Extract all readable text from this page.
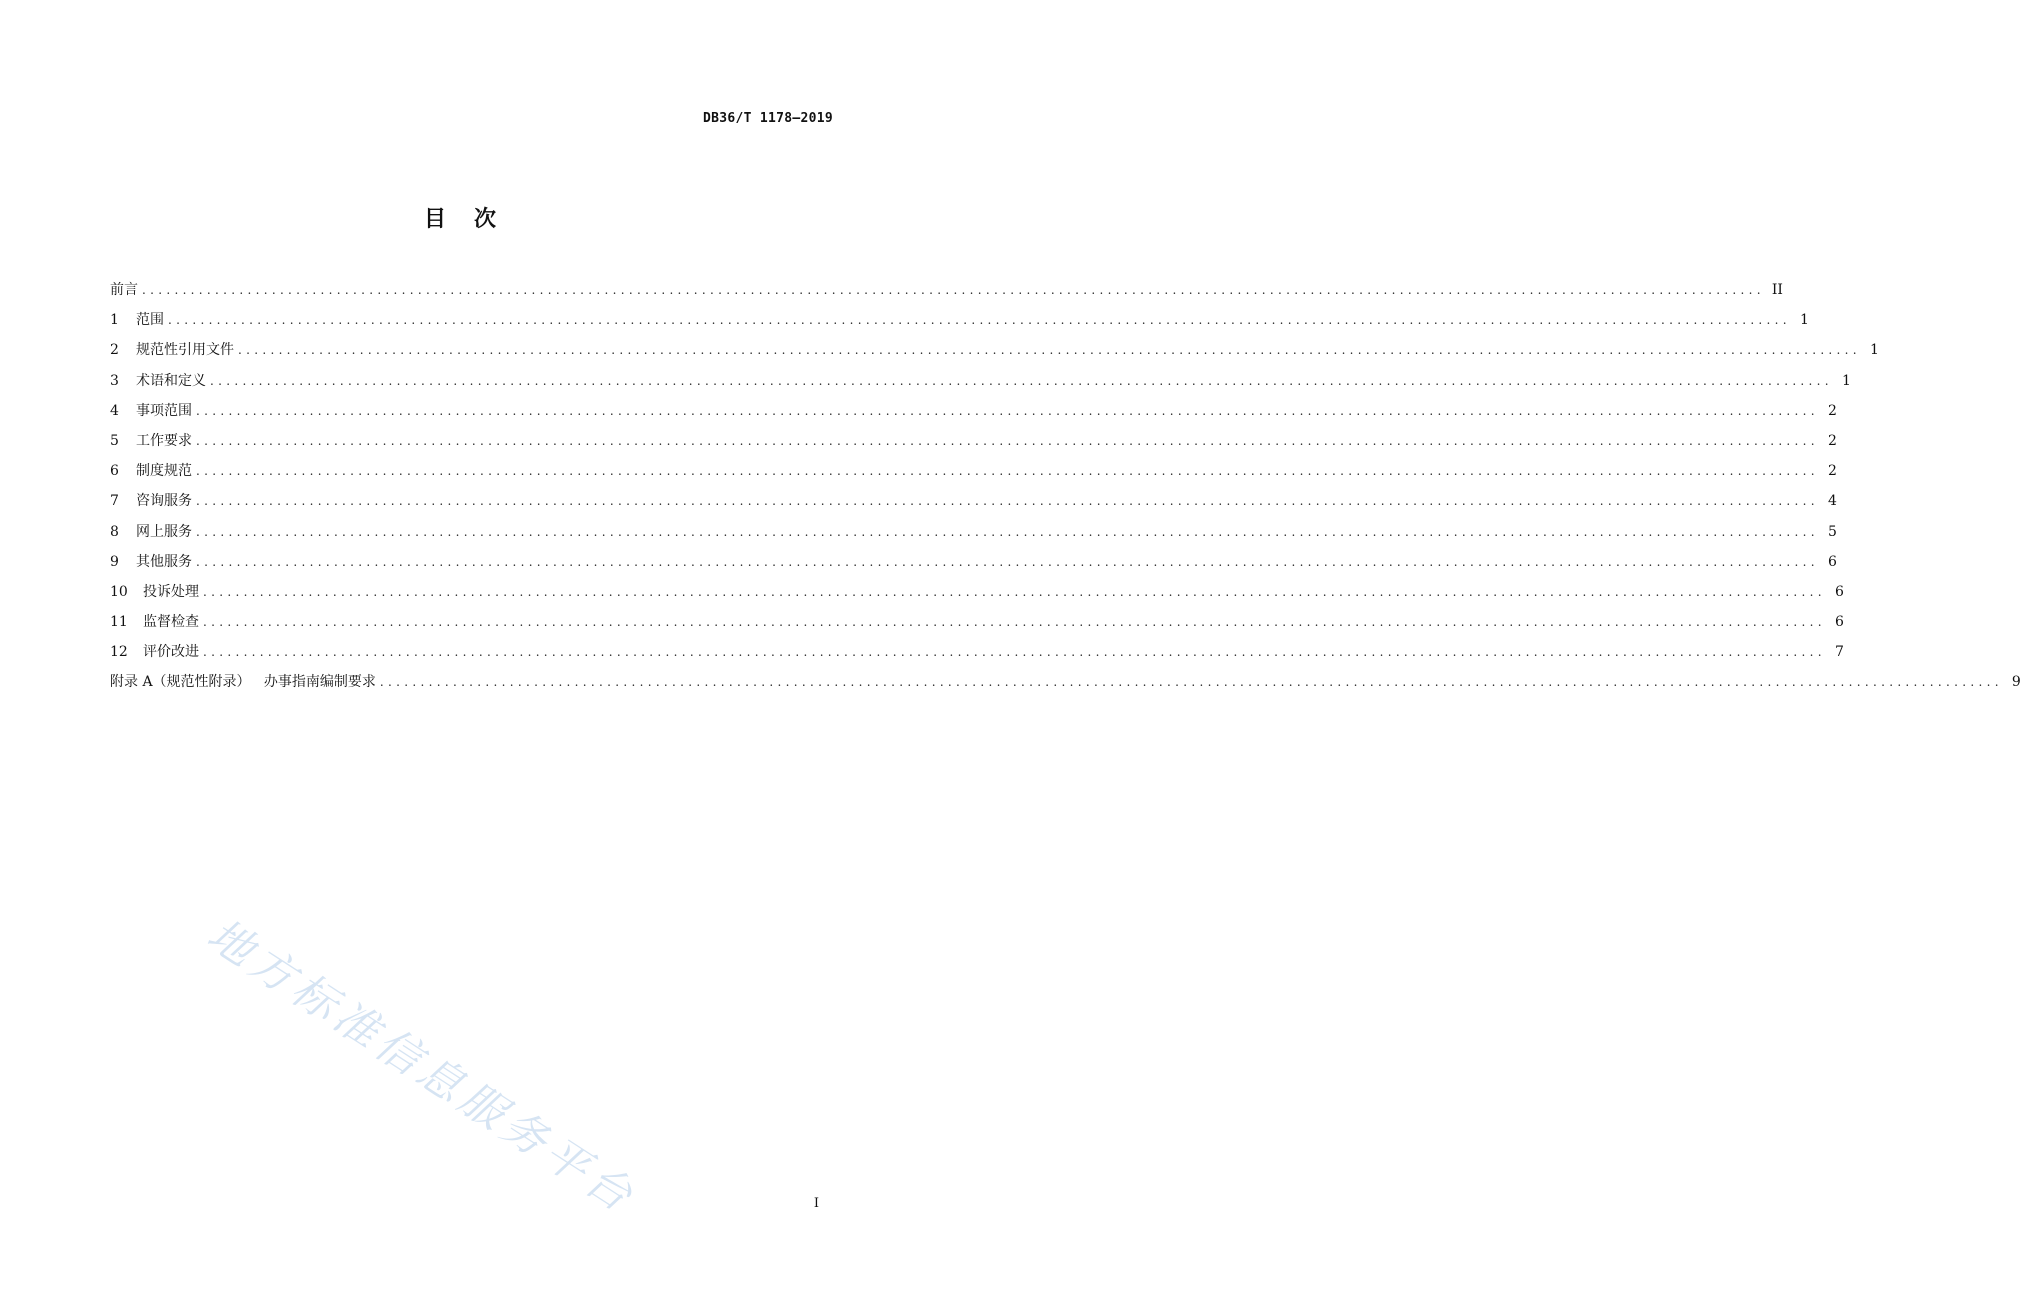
DB36/T 1178—2019
目 次
前言 ........................................................................................................................................................................................................ II
1	范围 ........................................................................................................................................................................................................ 1
2	规范性引用文件 ........................................................................................................................................................................................................ 1
3	术语和定义 ........................................................................................................................................................................................................ 1
4	事项范围 ........................................................................................................................................................................................................ 2
5	工作要求 ........................................................................................................................................................................................................ 2
6	制度规范 ........................................................................................................................................................................................................ 2
7	咨询服务 ........................................................................................................................................................................................................ 4
8	网上服务 ........................................................................................................................................................................................................ 5
9	其他服务 ........................................................................................................................................................................................................ 6
10	投诉处理 ........................................................................................................................................................................................................ 6
11	监督检查 ........................................................................................................................................................................................................ 6
12	评价改进 ........................................................................................................................................................................................................ 7
附录 A（规范性附录）   办事指南编制要求 ........................................................................................................................................................................................................ 9
地方标准信息服务平台	I
